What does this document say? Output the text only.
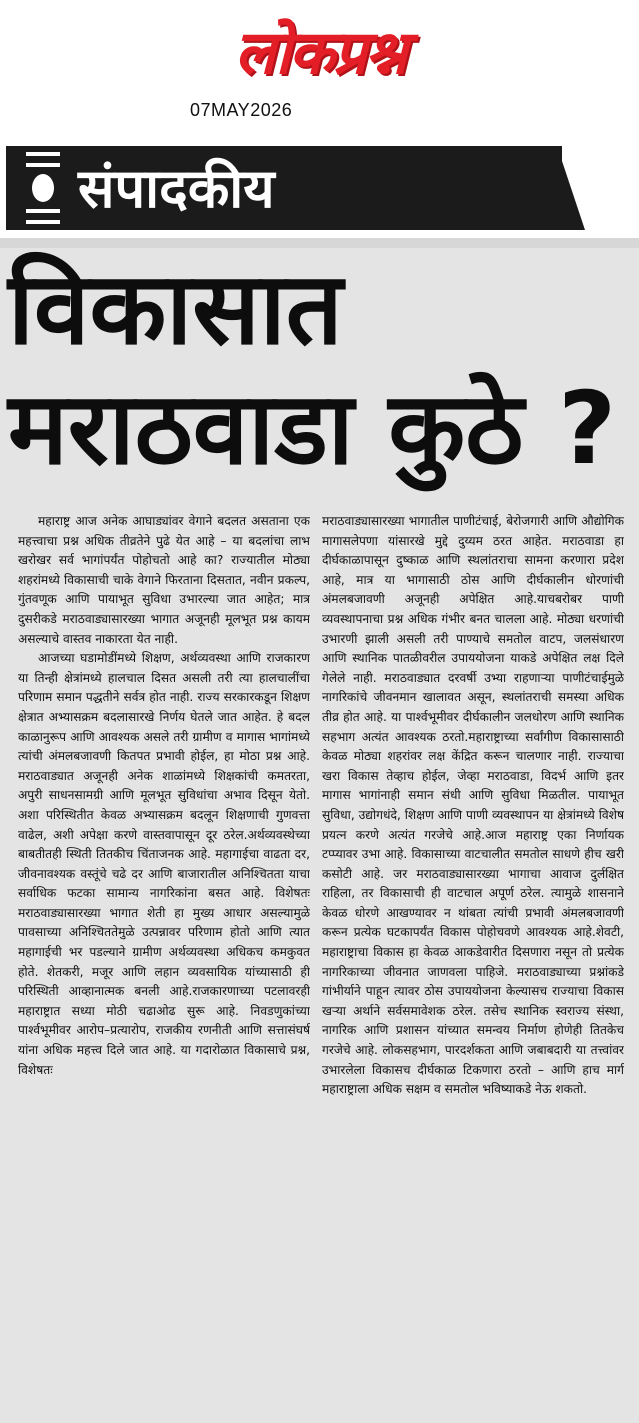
लोकप्रश्न
07MAY2026
संपादकीय
विकासात
मराठवाडा कुठे ?

महाराष्ट्र आज अनेक आघाड्यांवर वेगाने बदलत असताना एक महत्त्वाचा प्रश्न अधिक तीव्रतेने पुढे येत आहे – या बदलांचा लाभ खरोखर सर्व भागांपर्यंत पोहोचतो आहे का? राज्यातील मोठ्या शहरांमध्ये विकासाची चाके वेगाने फिरताना दिसतात, नवीन प्रकल्प, गुंतवणूक आणि पायाभूत सुविधा उभारल्या जात आहेत; मात्र दुसरीकडे मराठवाड्यासारख्या भागात अजूनही मूलभूत प्रश्न कायम असल्याचे वास्तव नाकारता येत नाही.

आजच्या घडामोडींमध्ये शिक्षण, अर्थव्यवस्था आणि राजकारण या तिन्ही क्षेत्रांमध्ये हालचाल दिसत असली तरी त्या हालचालींचा परिणाम समान पद्धतीने सर्वत्र होत नाही. राज्य सरकारकडून शिक्षण क्षेत्रात अभ्यासक्रम बदलासारखे निर्णय घेतले जात आहेत. हे बदल काळानुरूप आणि आवश्यक असले तरी ग्रामीण व मागास भागांमध्ये त्यांची अंमलबजावणी कितपत प्रभावी होईल, हा मोठा प्रश्न आहे. मराठवाड्यात अजूनही अनेक शाळांमध्ये शिक्षकांची कमतरता, अपुरी साधनसामग्री आणि मूलभूत सुविधांचा अभाव दिसून येतो. अशा परिस्थितीत केवळ अभ्यासक्रम बदलून शिक्षणाची गुणवत्ता वाढेल, अशी अपेक्षा करणे वास्तवापासून दूर ठरेल.अर्थव्यवस्थेच्या बाबतीतही स्थिती तितकीच चिंताजनक आहे. महागाईचा वाढता दर, जीवनावश्यक वस्तूंचे चढे दर आणि बाजारातील अनिश्चितता याचा सर्वाधिक फटका सामान्य नागरिकांना बसत आहे. विशेषतः मराठवाड्यासारख्या भागात शेती हा मुख्य आधार असल्यामुळे पावसाच्या अनिश्चिततेमुळे उत्पन्नावर परिणाम होतो आणि त्यात महागाईची भर पडल्याने ग्रामीण अर्थव्यवस्था अधिकच कमकुवत होते. शेतकरी, मजूर आणि लहान व्यवसायिक यांच्यासाठी ही परिस्थिती आव्हानात्मक बनली आहे.राजकारणाच्या पटलावरही महाराष्ट्रात सध्या मोठी चढाओढ सुरू आहे. निवडणुकांच्या पार्श्वभूमीवर आरोप–प्रत्यारोप, राजकीय रणनीती आणि सत्तासंघर्ष यांना अधिक महत्त्व दिले जात आहे. या गदारोळात विकासाचे प्रश्न, विशेषतः

मराठवाड्यासारख्या भागातील पाणीटंचाई, बेरोजगारी आणि औद्योगिक मागासलेपणा यांसारखे मुद्दे दुय्यम ठरत आहेत. मराठवाडा हा दीर्घकाळापासून दुष्काळ आणि स्थलांतराचा सामना करणारा प्रदेश आहे, मात्र या भागासाठी ठोस आणि दीर्घकालीन धोरणांची अंमलबजावणी अजूनही अपेक्षित आहे.याचबरोबर पाणी व्यवस्थापनाचा प्रश्न अधिक गंभीर बनत चालला आहे. मोठ्या धरणांची उभारणी झाली असली तरी पाण्याचे समतोल वाटप, जलसंधारण आणि स्थानिक पातळीवरील उपाययोजना याकडे अपेक्षित लक्ष दिले गेलेले नाही. मराठवाड्यात दरवर्षी उभ्या राहणाऱ्या पाणीटंचाईमुळे नागरिकांचे जीवनमान खालावत असून, स्थलांतराची समस्या अधिक तीव्र होत आहे. या पार्श्वभूमीवर दीर्घकालीन जलधोरण आणि स्थानिक सहभाग अत्यंत आवश्यक ठरतो.महाराष्ट्राच्या सर्वांगीण विकासासाठी केवळ मोठ्या शहरांवर लक्ष केंद्रित करून चालणार नाही. राज्याचा खरा विकास तेव्हाच होईल, जेव्हा मराठवाडा, विदर्भ आणि इतर मागास भागांनाही समान संधी आणि सुविधा मिळतील. पायाभूत सुविधा, उद्योगधंदे, शिक्षण आणि पाणी व्यवस्थापन या क्षेत्रांमध्ये विशेष प्रयत्न करणे अत्यंत गरजेचे आहे.आज महाराष्ट्र एका निर्णायक टप्प्यावर उभा आहे. विकासाच्या वाटचालीत समतोल साधणे हीच खरी कसोटी आहे. जर मराठवाड्यासारख्या भागाचा आवाज दुर्लक्षित राहिला, तर विकासाची ही वाटचाल अपूर्ण ठरेल. त्यामुळे शासनाने केवळ धोरणे आखण्यावर न थांबता त्यांची प्रभावी अंमलबजावणी करून प्रत्येक घटकापर्यंत विकास पोहोचवणे आवश्यक आहे.शेवटी, महाराष्ट्राचा विकास हा केवळ आकडेवारीत दिसणारा नसून तो प्रत्येक नागरिकाच्या जीवनात जाणवला पाहिजे. मराठवाड्याच्या प्रश्नांकडे गांभीर्याने पाहून त्यावर ठोस उपाययोजना केल्यासच राज्याचा विकास खऱ्या अर्थाने सर्वसमावेशक ठरेल. तसेच स्थानिक स्वराज्य संस्था, नागरिक आणि प्रशासन यांच्यात समन्वय निर्माण होणेही तितकेच गरजेचे आहे. लोकसहभाग, पारदर्शकता आणि जबाबदारी या तत्त्वांवर उभारलेला विकासच दीर्घकाळ टिकणारा ठरतो – आणि हाच मार्ग महाराष्ट्राला अधिक सक्षम व समतोल भविष्याकडे नेऊ शकतो.
